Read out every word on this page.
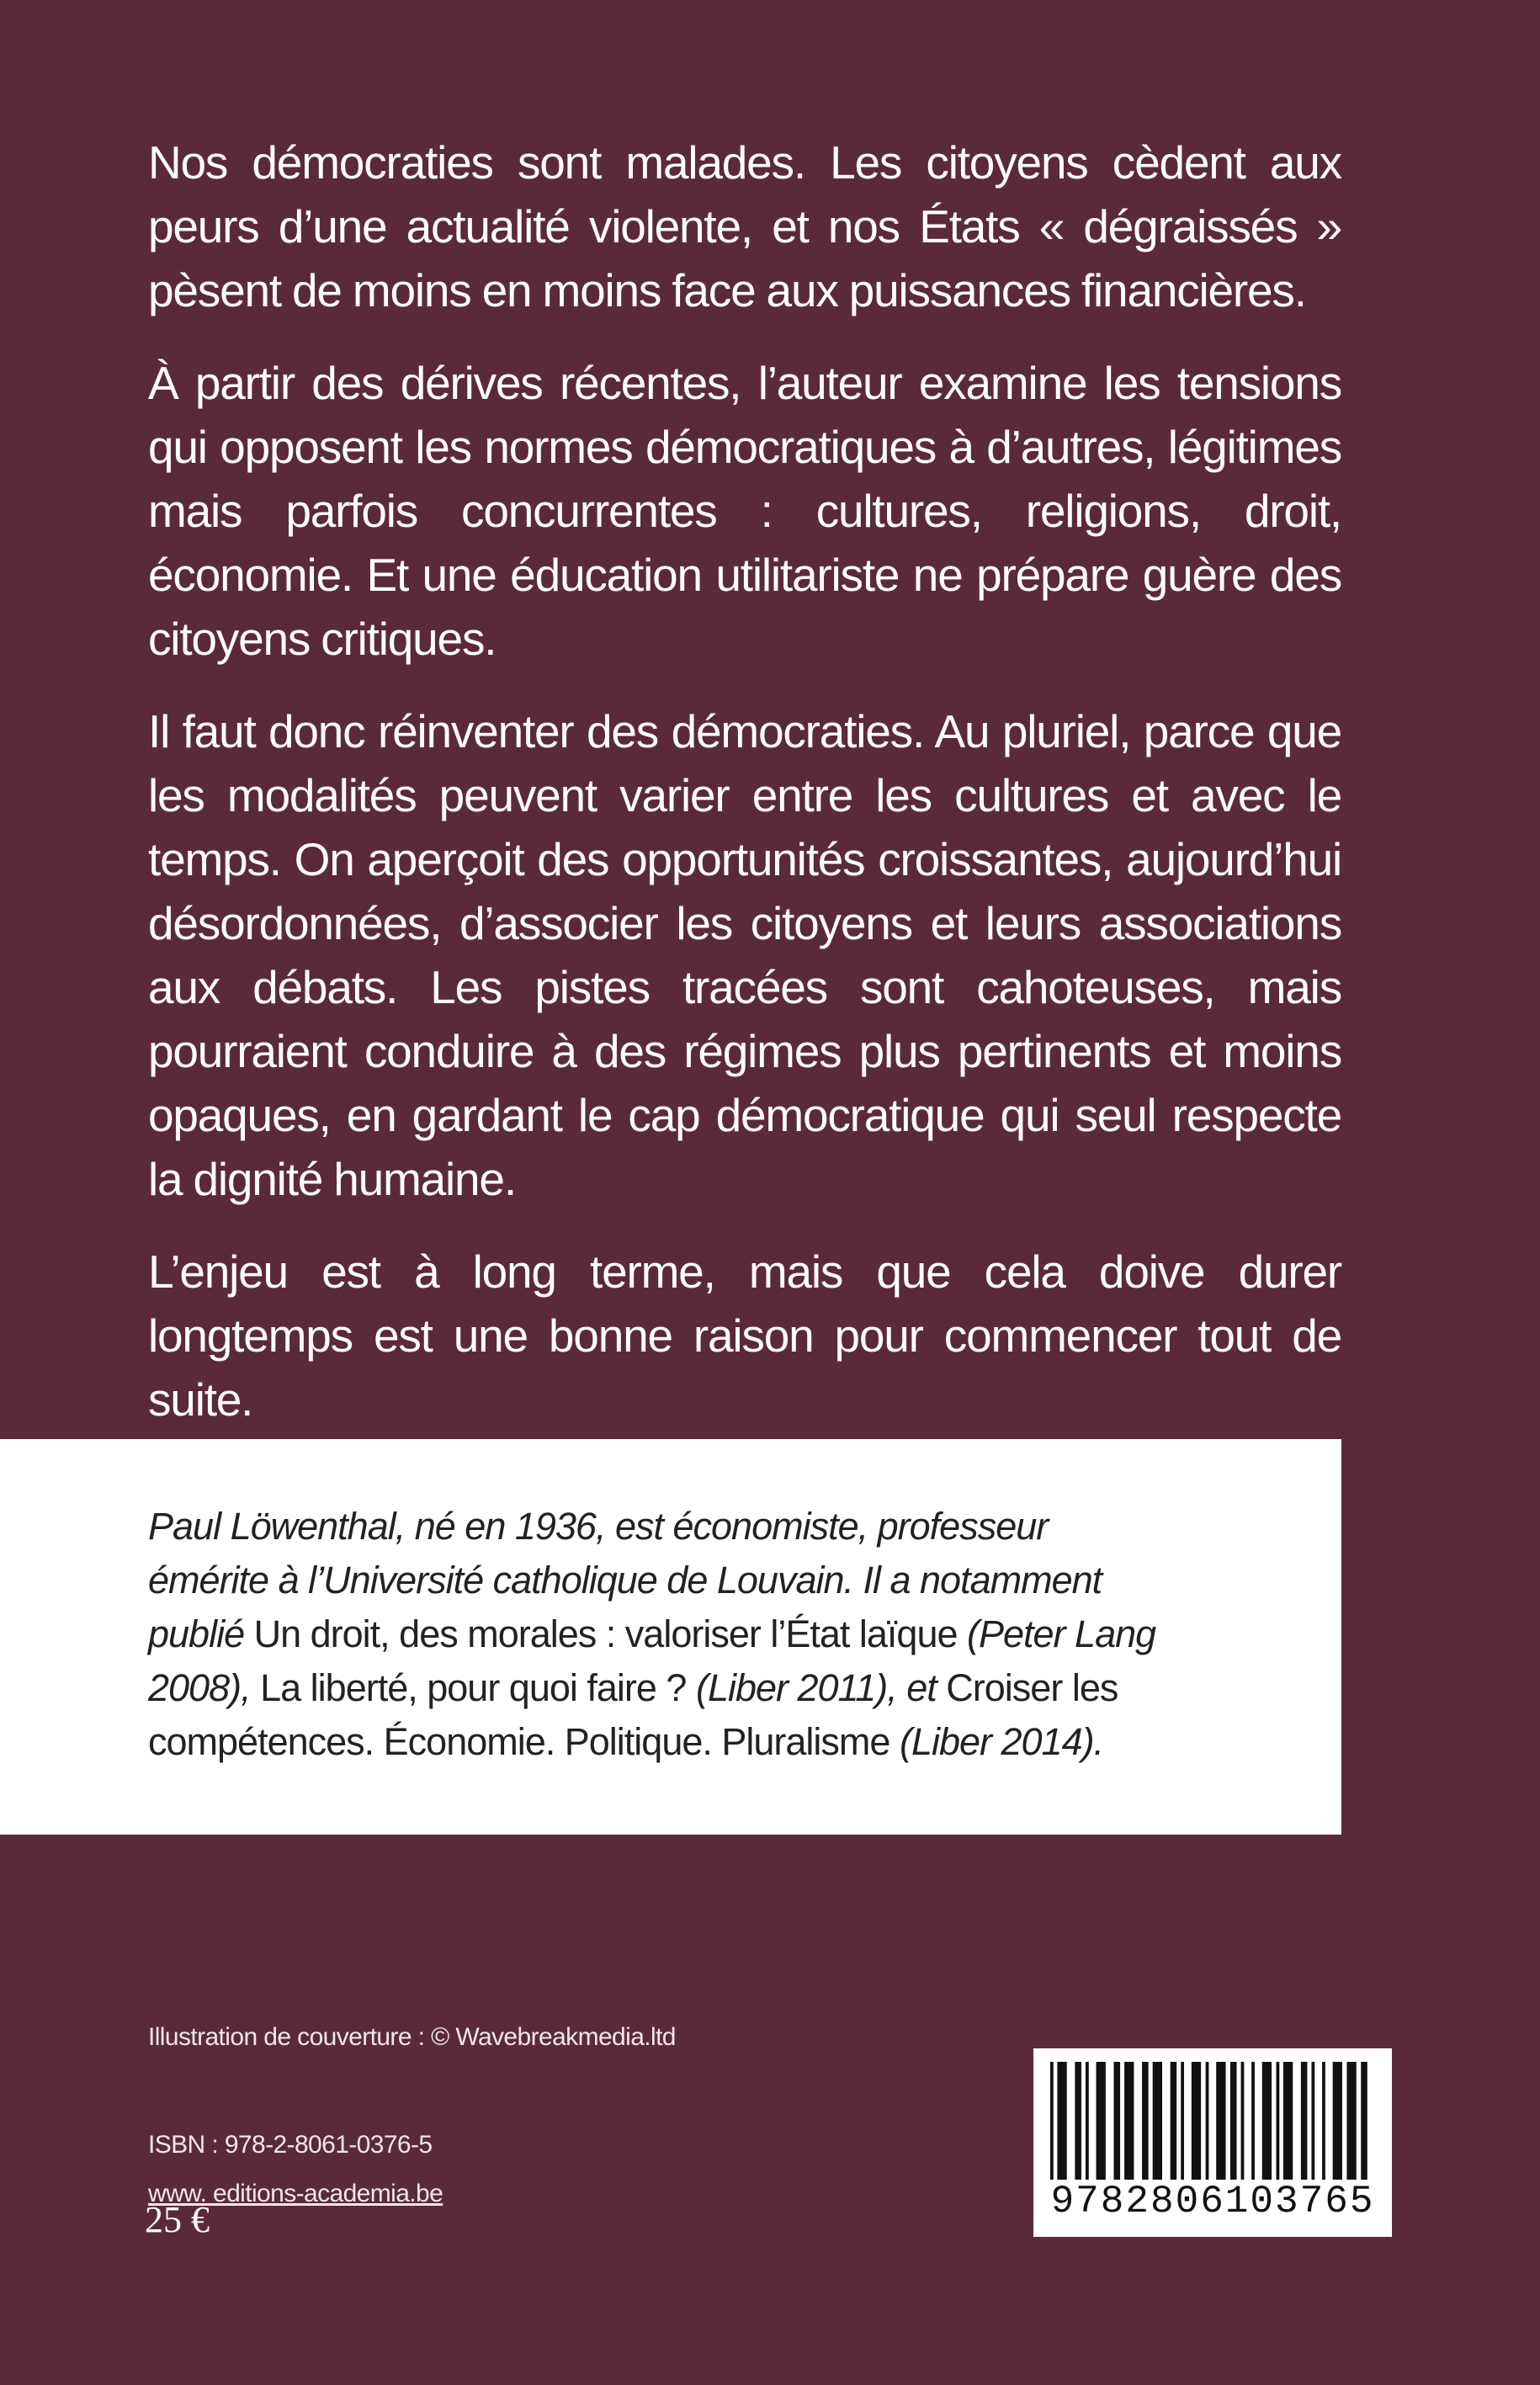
Nos démocraties sont malades. Les citoyens cèdent aux peurs d’une actualité violente, et nos États « dégraissés » pèsent de moins en moins face aux puissances financières.

À partir des dérives récentes, l’auteur examine les tensions qui opposent les normes démocratiques à d’autres, légitimes mais parfois concurrentes : cultures, religions, droit, économie. Et une éducation utilitariste ne prépare guère des citoyens critiques.

Il faut donc réinventer des démocraties. Au pluriel, parce que les modalités peuvent varier entre les cultures et avec le temps. On aperçoit des opportunités croissantes, aujourd’hui désordonnées, d’associer les citoyens et leurs associations aux débats. Les pistes tracées sont cahoteuses, mais pourraient conduire à des régimes plus pertinents et moins opaques, en gardant le cap démocratique qui seul respecte la dignité humaine.

L’enjeu est à long terme, mais que cela doive durer longtemps est une bonne raison pour commencer tout de suite.

Paul Löwenthal, né en 1936, est économiste, professeur émérite à l’Université catholique de Louvain. Il a notamment publié Un droit, des morales : valoriser l’État laïque (Peter Lang 2008), La liberté, pour quoi faire ? (Liber 2011), et Croiser les compétences. Économie. Politique. Pluralisme (Liber 2014).
Illustration de couverture : © Wavebreakmedia.ltd
ISBN : 978-2-8061-0376-5
www. editions-academia.be
25 €	9782806103765
